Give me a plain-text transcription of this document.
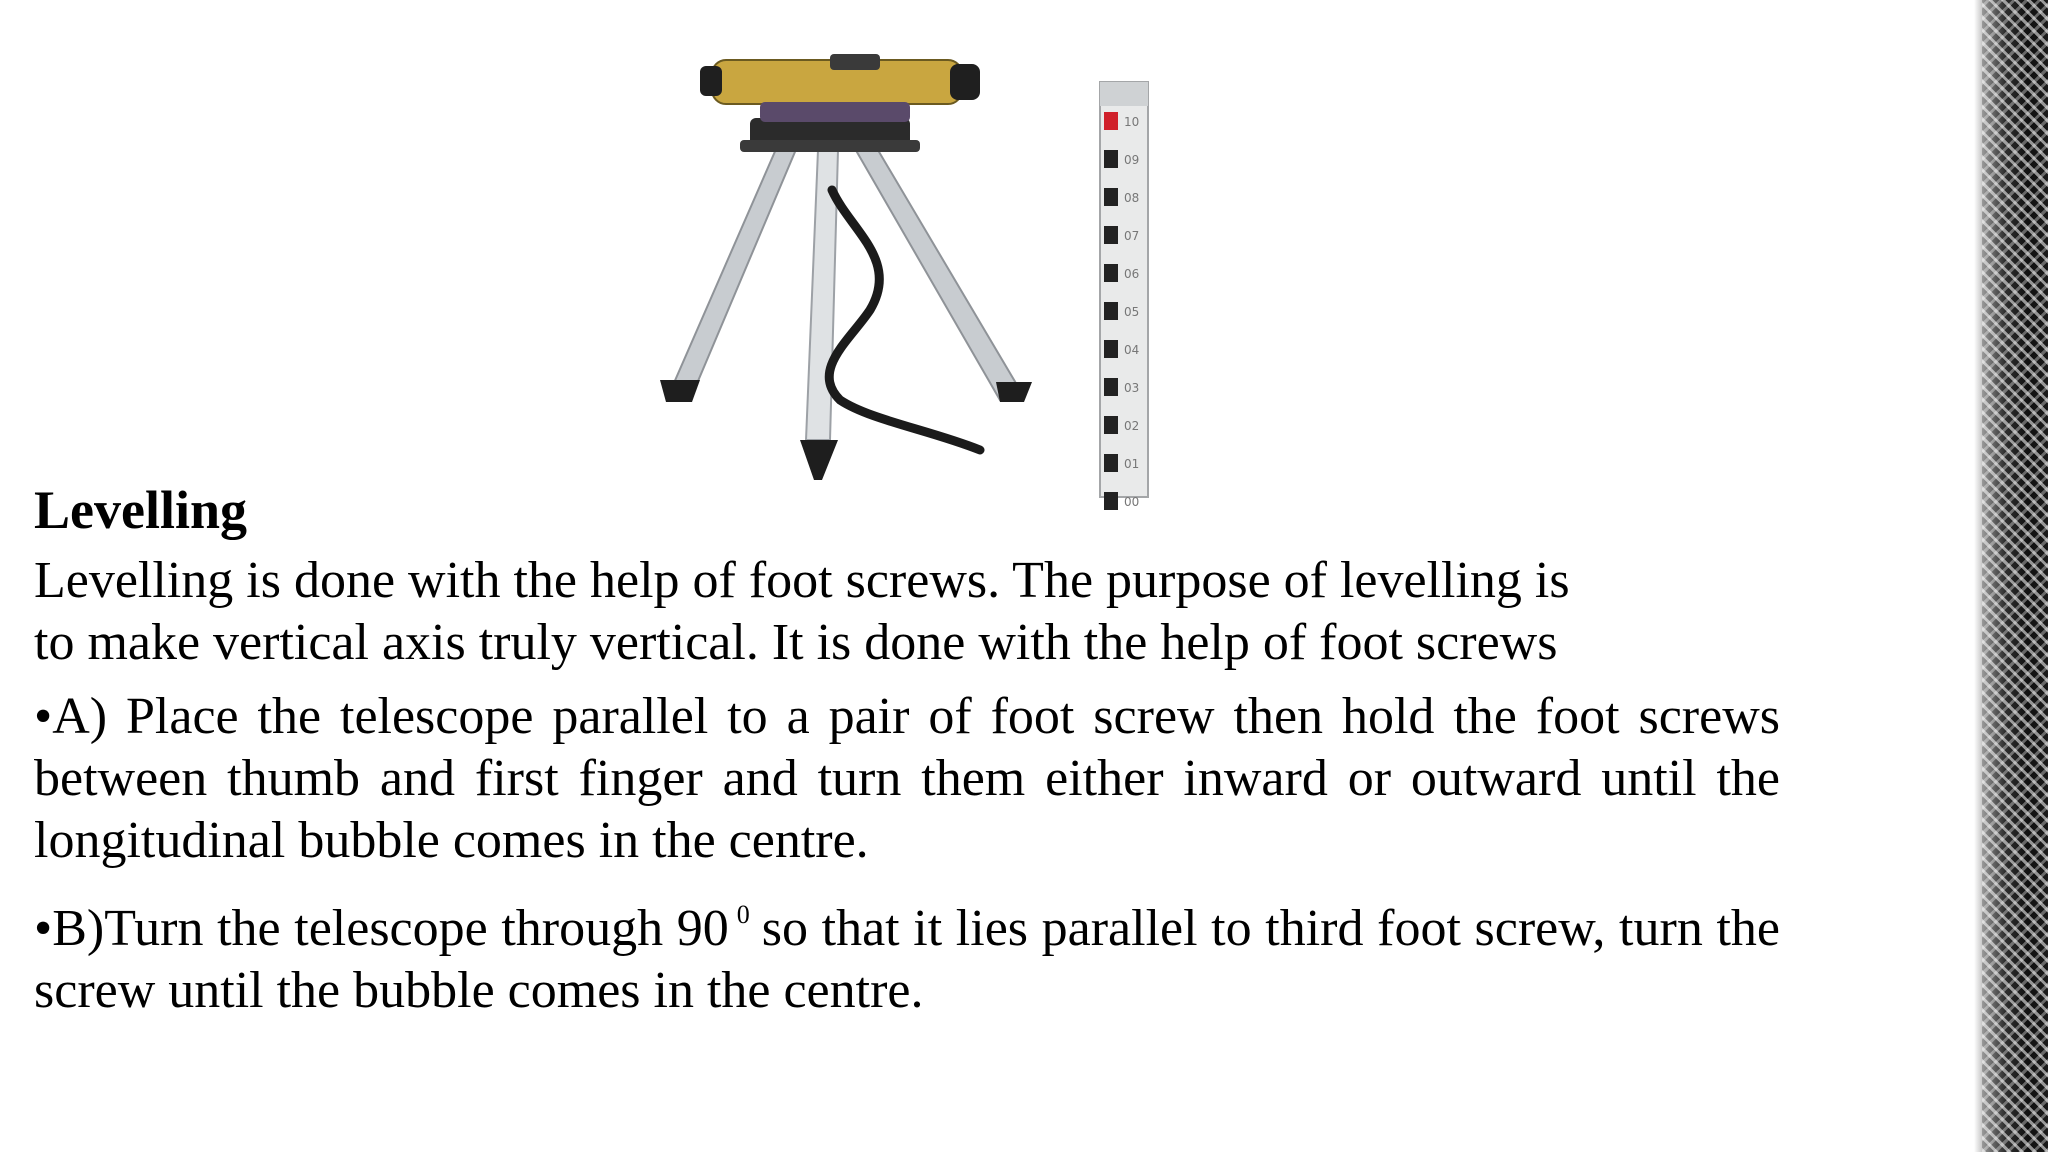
10
09
08
07
06
05
04
03
02
01
00
Levelling
Levelling is done with the help of foot screws. The purpose of levelling is
to make vertical axis truly vertical. It is done with the help of foot screws
•A) Place the telescope parallel to a pair of foot screw then hold the foot screws between thumb and first finger and turn them either inward or outward until the longitudinal bubble comes in the centre.
•B)Turn the telescope through 90 $^0$ so that it lies parallel to third foot screw, turn the screw until the bubble comes in the centre.
